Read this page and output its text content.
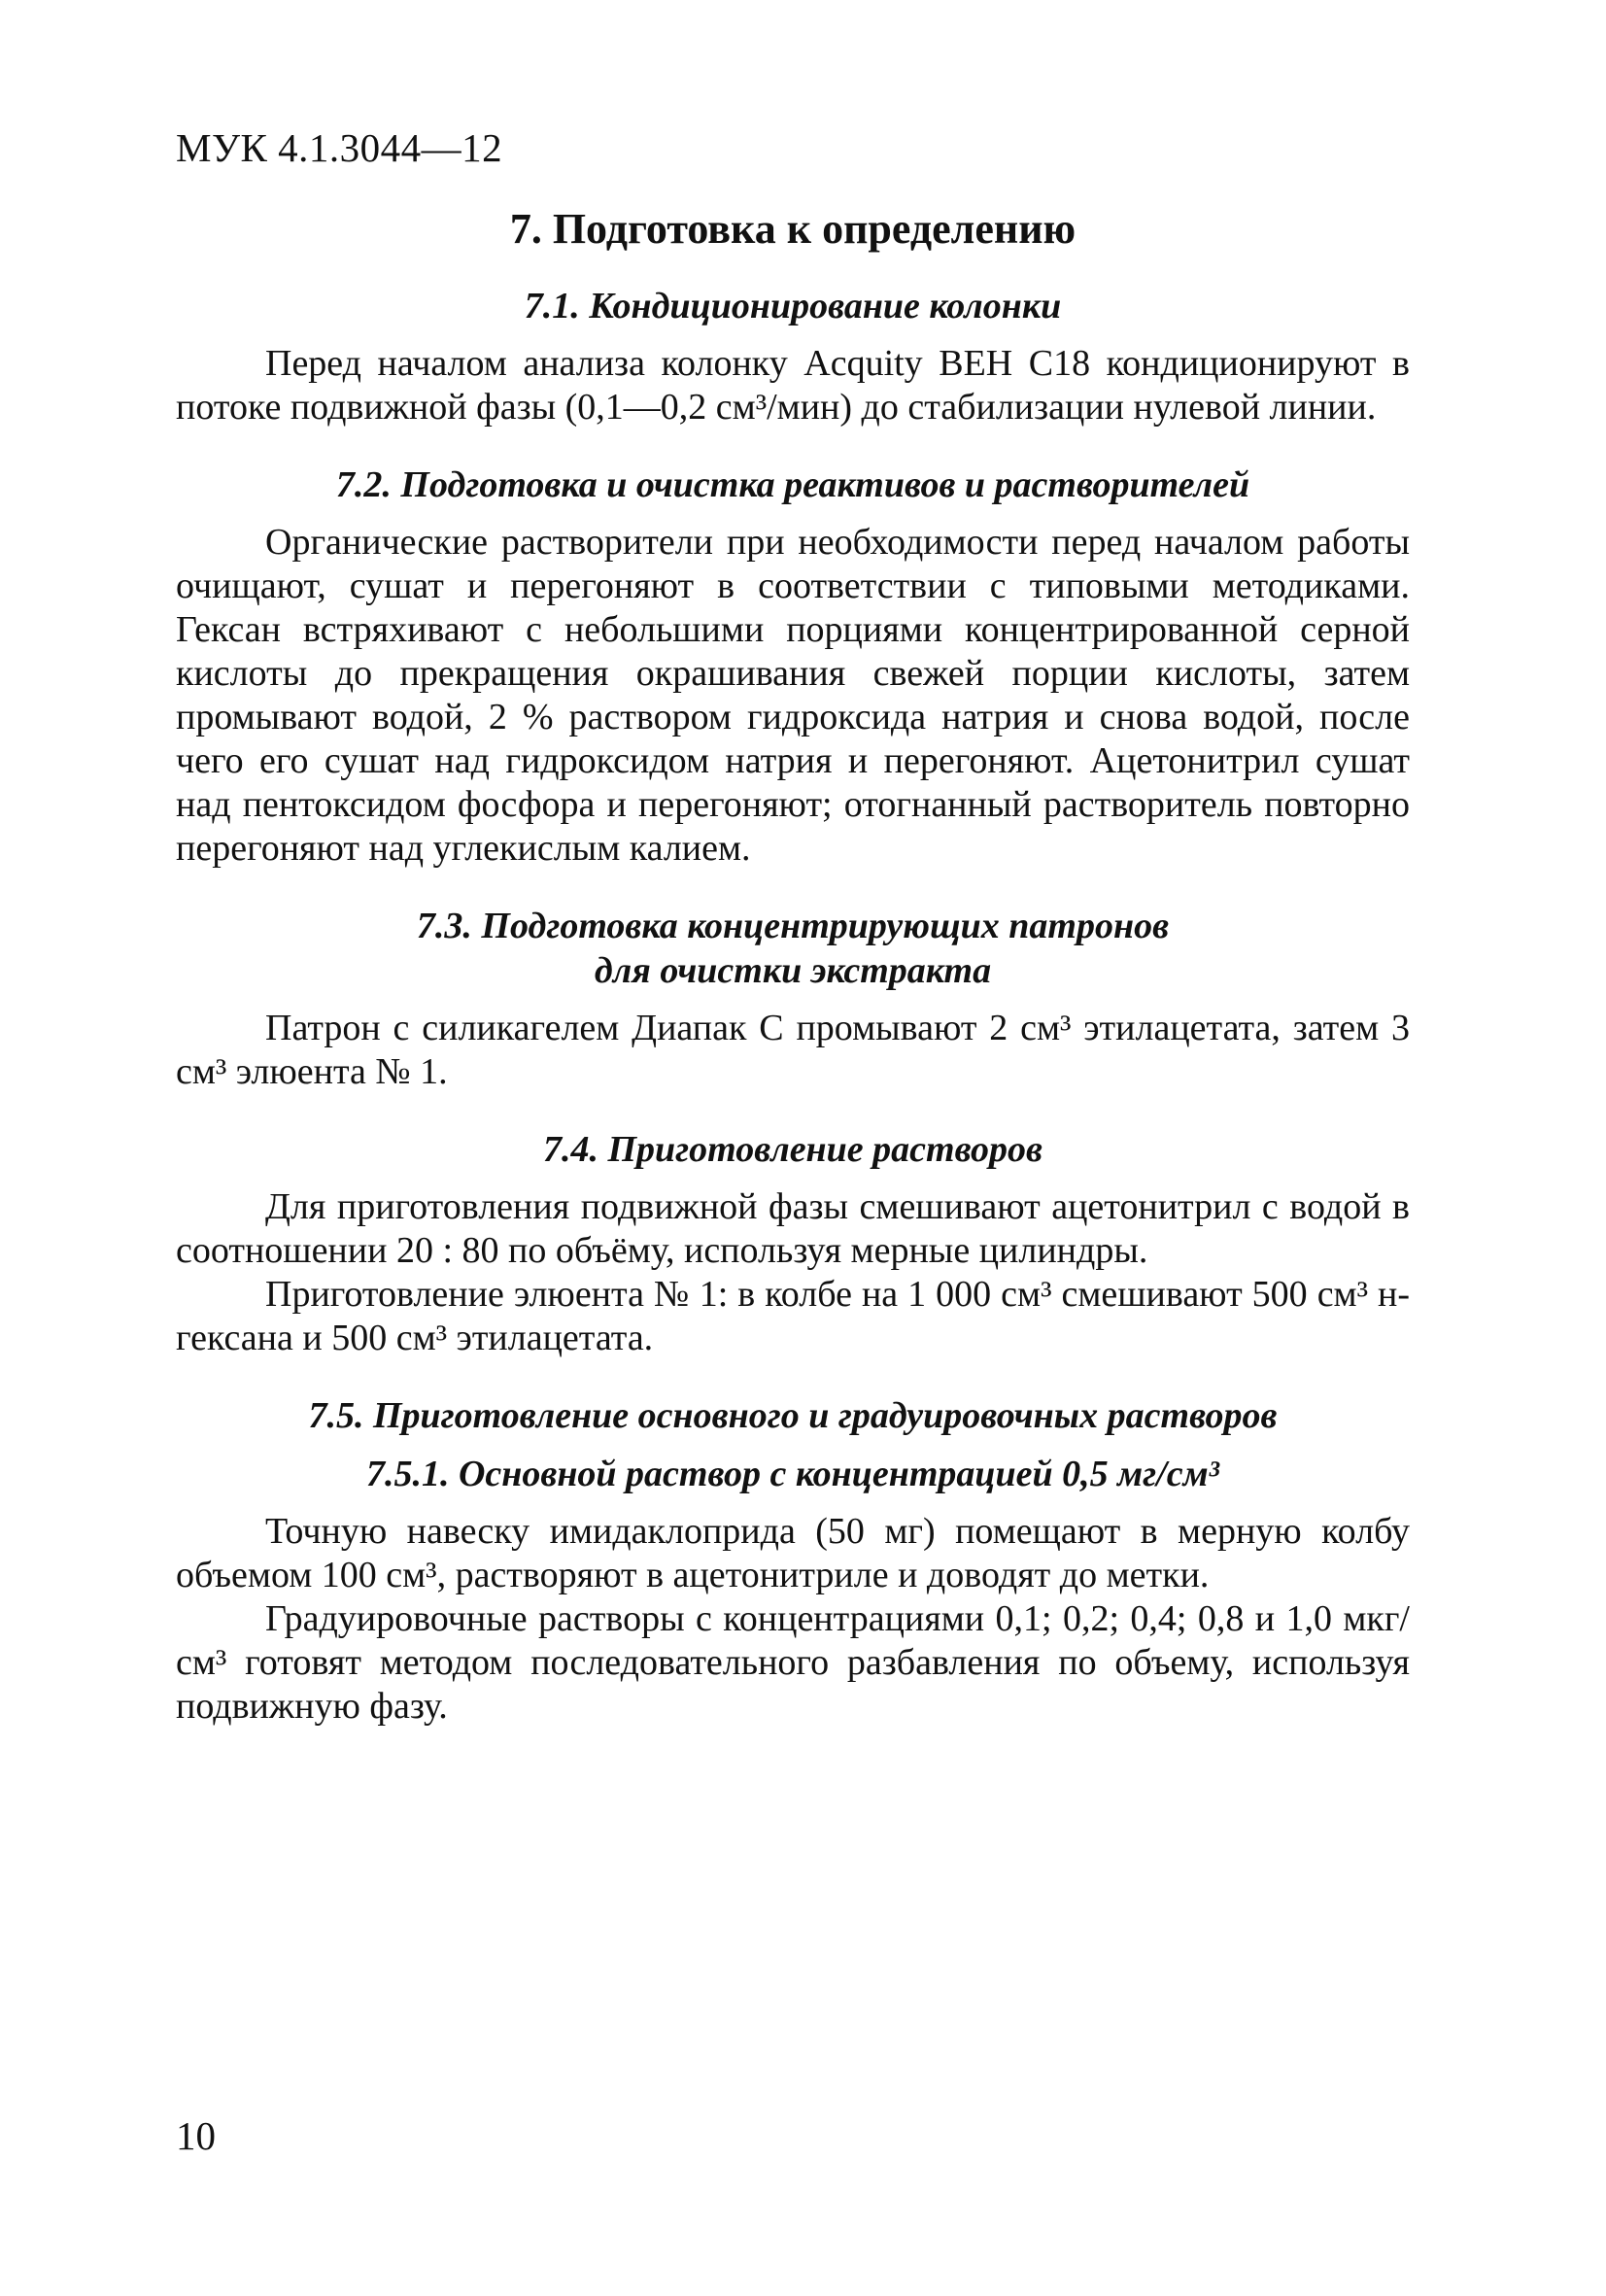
МУК 4.1.3044—12

7. Подготовка к определению
7.1. Кондиционирование колонки

Перед началом анализа колонку Acquity ВЕН С18 кондиционируют в потоке подвижной фазы (0,1—0,2 см³/мин) до стабилизации нулевой линии.

7.2. Подготовка и очистка реактивов и растворителей

Органические растворители при необходимости перед началом работы очищают, сушат и перегоняют в соответствии с типовыми методиками. Гексан встряхивают с небольшими порциями концентрированной серной кислоты до прекращения окрашивания свежей порции кислоты, затем промывают водой, 2 % раствором гидроксида натрия и снова водой, после чего его сушат над гидроксидом натрия и перегоняют. Ацетонитрил сушат над пентоксидом фосфора и перегоняют; отогнанный растворитель повторно перегоняют над углекислым калием.

7.3. Подготовка концентрирующих патронов
для очистки экстракта

Патрон с силикагелем Диапак С промывают 2 см³ этилацетата, затем 3 см³ элюента № 1.

7.4. Приготовление растворов

Для приготовления подвижной фазы смешивают ацетонитрил с водой в соотношении 20 : 80 по объёму, используя мерные цилиндры.

Приготовление элюента № 1: в колбе на 1 000 см³ смешивают 500 см³ н-гексана и 500 см³ этилацетата.

7.5. Приготовление основного и градуировочных растворов
7.5.1. Основной раствор с концентрацией 0,5 мг/см³

Точную навеску имидаклоприда (50 мг) помещают в мерную колбу объемом 100 см³, растворяют в ацетонитриле и доводят до метки.

Градуировочные растворы с концентрациями 0,1; 0,2; 0,4; 0,8 и 1,0 мкг/см³ готовят методом последовательного разбавления по объему, используя подвижную фазу.

10
